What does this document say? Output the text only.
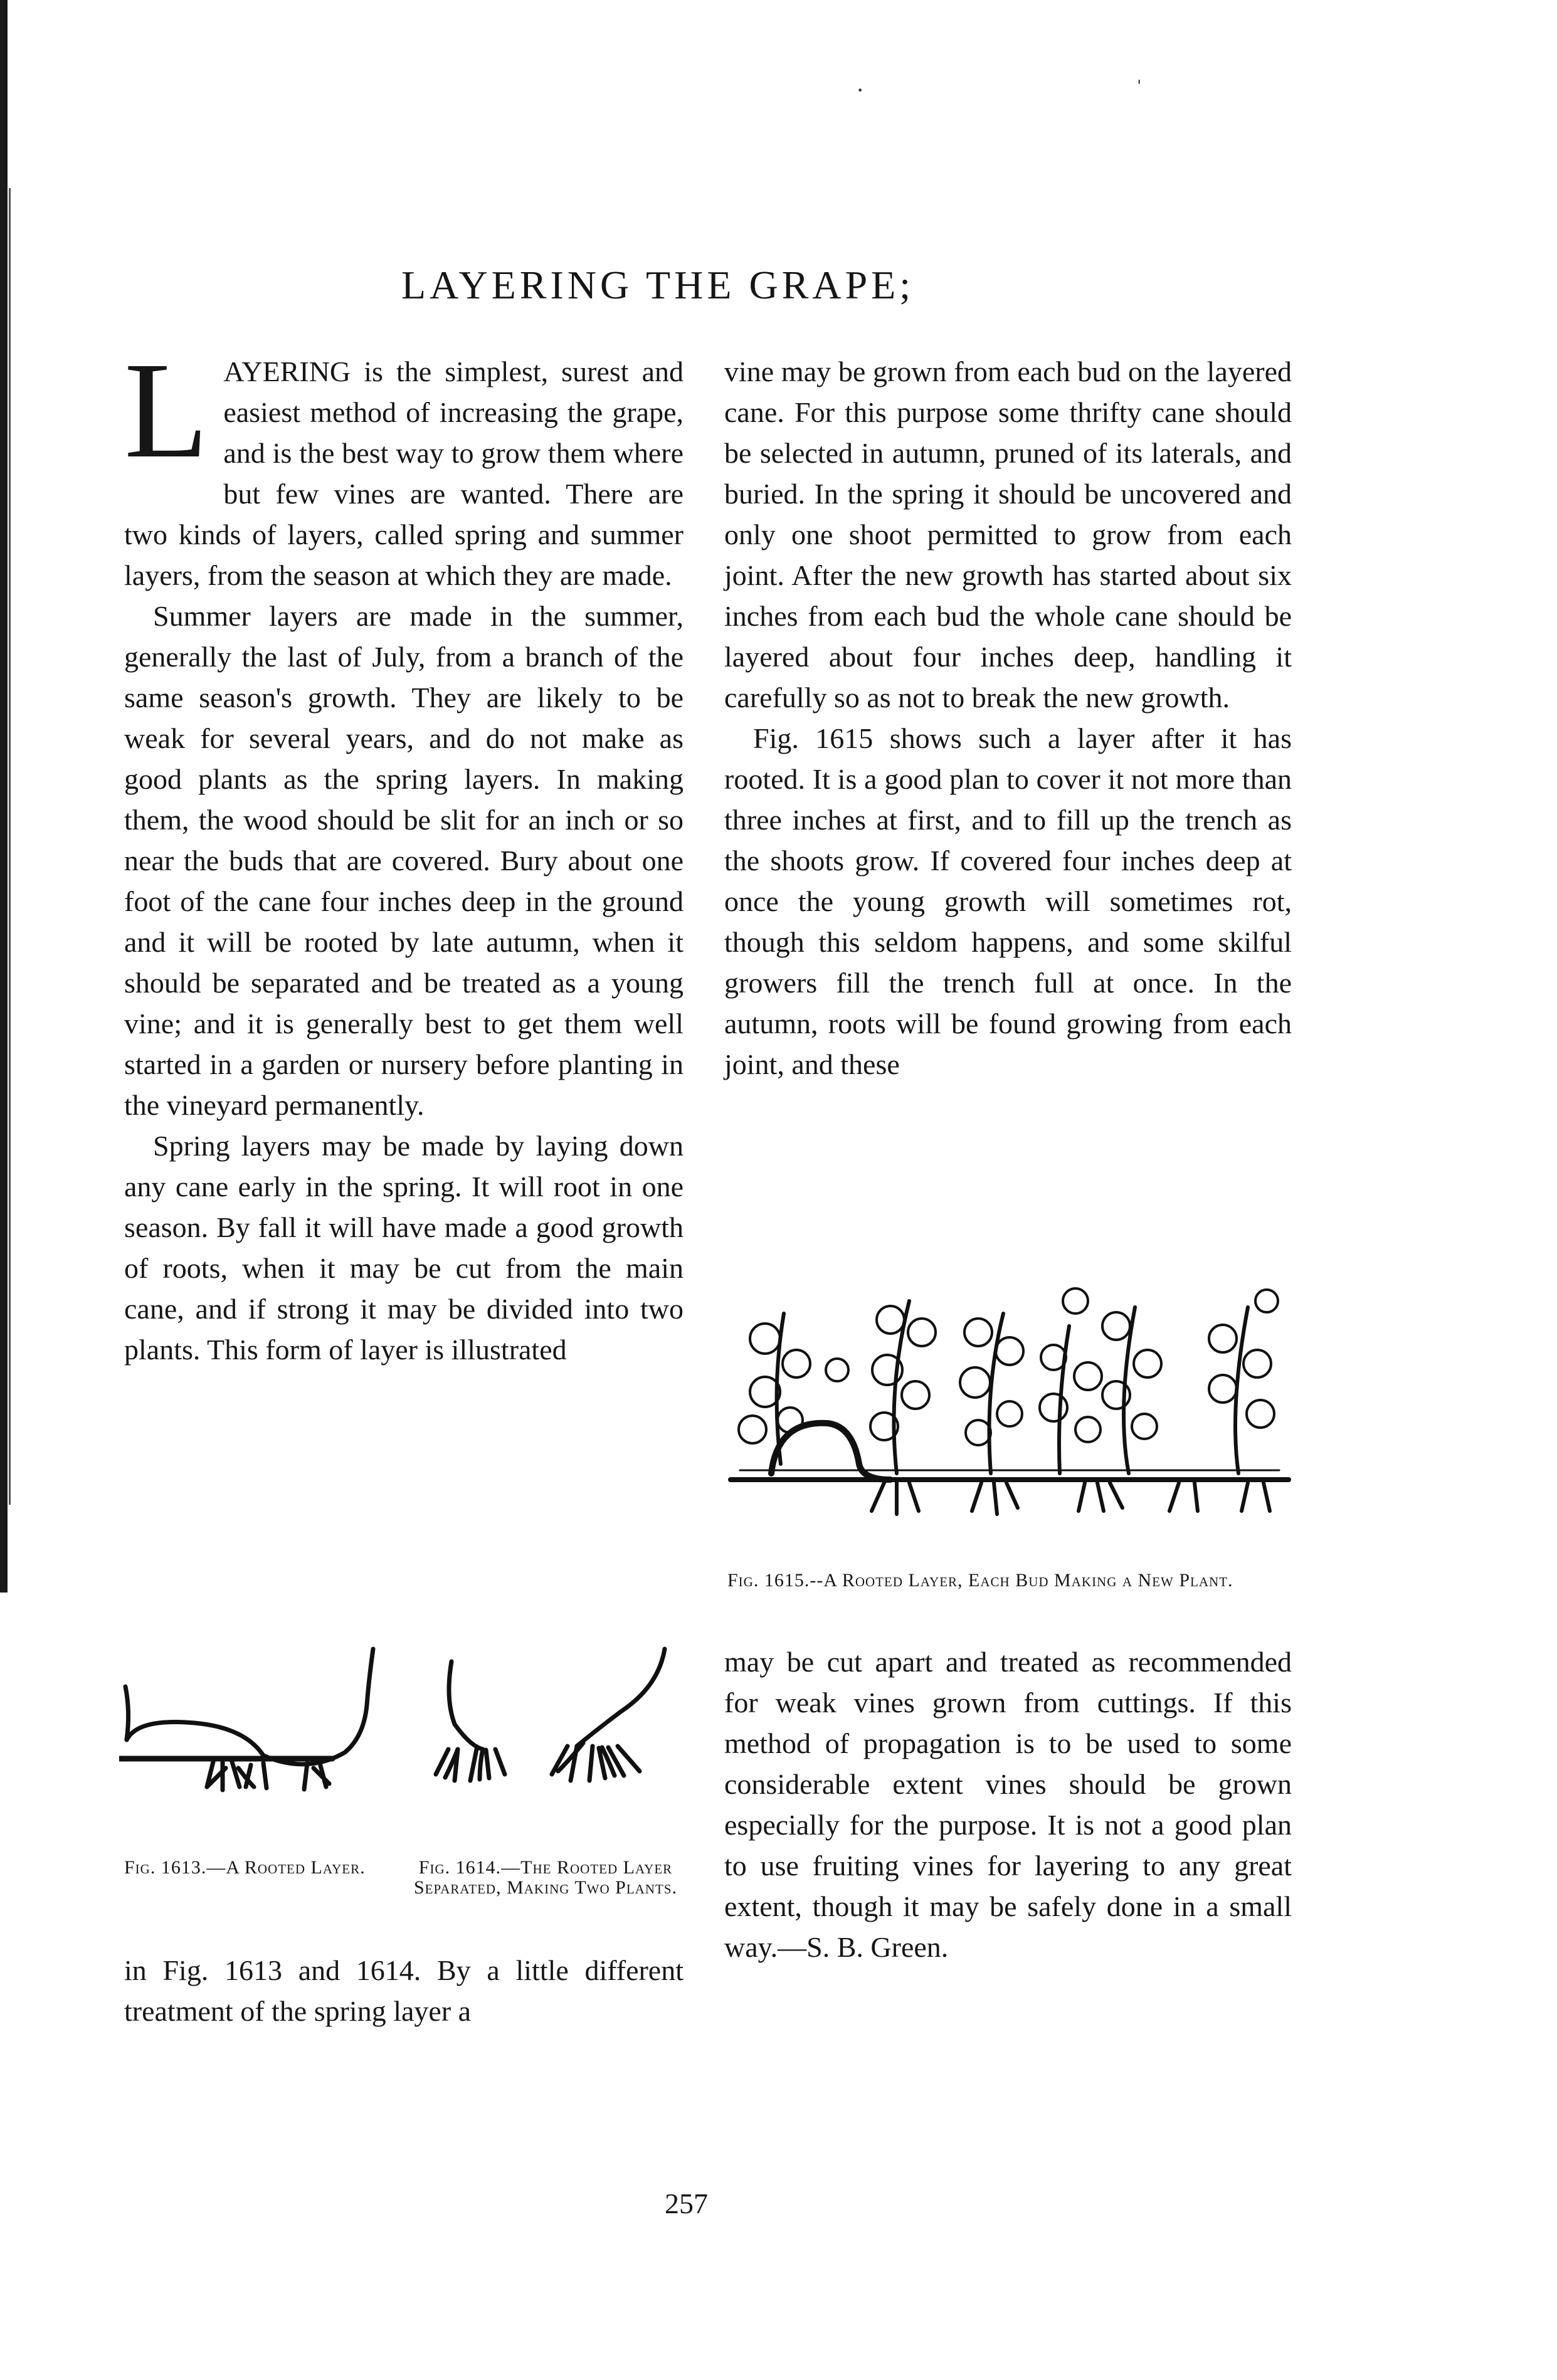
·	ˈ
LAYERING THE GRAPE;

LAYERING is the simplest, surest and easiest method of increasing the grape, and is the best way to grow them where but few vines are wanted. There are two kinds of layers, called spring and summer layers, from the season at which they are made.

Summer layers are made in the summer, generally the last of July, from a branch of the same season's growth. They are likely to be weak for several years, and do not make as good plants as the spring layers. In making them, the wood should be slit for an inch or so near the buds that are covered. Bury about one foot of the cane four inches deep in the ground and it will be rooted by late autumn, when it should be separated and be treated as a young vine; and it is generally best to get them well started in a garden or nursery before planting in the vineyard permanently.

Spring layers may be made by laying down any cane early in the spring. It will root in one season. By fall it will have made a good growth of roots, when it may be cut from the main cane, and if strong it may be divided into two plants. This form of layer is illustrated

Fig. 1613.—A Rooted Layer.	Fig. 1614.—The Rooted Layer Separated, Making Two Plants.

in Fig. 1613 and 1614. By a little different treatment of the spring layer a

vine may be grown from each bud on the layered cane. For this purpose some thrifty cane should be selected in autumn, pruned of its laterals, and buried. In the spring it should be uncovered and only one shoot permitted to grow from each joint. After the new growth has started about six inches from each bud the whole cane should be layered about four inches deep, handling it carefully so as not to break the new growth.

Fig. 1615 shows such a layer after it has rooted. It is a good plan to cover it not more than three inches at first, and to fill up the trench as the shoots grow. If covered four inches deep at once the young growth will sometimes rot, though this seldom happens, and some skilful growers fill the trench full at once. In the autumn, roots will be found growing from each joint, and these

Fig. 1615.--A Rooted Layer, Each Bud Making a New Plant.

may be cut apart and treated as recommended for weak vines grown from cuttings. If this method of propagation is to be used to some considerable extent vines should be grown especially for the purpose. It is not a good plan to use fruiting vines for layering to any great extent, though it may be safely done in a small way.—S. B. Green.

257
